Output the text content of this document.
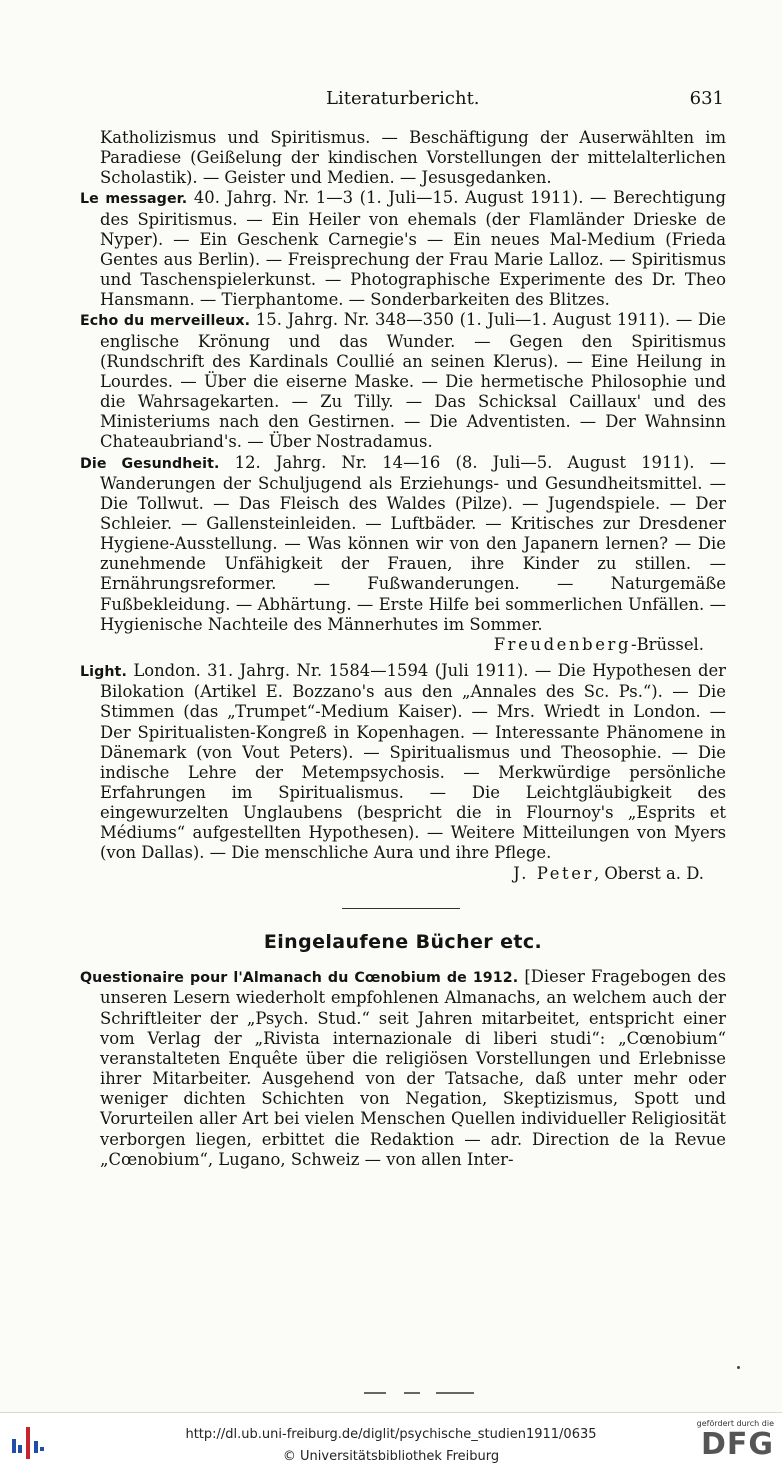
Literaturbericht.	631

Katholizismus und Spiritismus. — Beschäftigung der Auserwählten im Paradiese (Geißelung der kindischen Vorstellungen der mittelalterlichen Scholastik). — Geister und Medien. — Jesusgedanken.

Le messager. 40. Jahrg. Nr. 1—3 (1. Juli—15. August 1911). — Berechtigung des Spiritismus. — Ein Heiler von ehemals (der Flamländer Drieske de Nyper). — Ein Geschenk Carnegie's — Ein neues Mal-Medium (Frieda Gentes aus Berlin). — Freisprechung der Frau Marie Lalloz. — Spiritismus und Taschenspielerkunst. — Photographische Experimente des Dr. Theo Hansmann. — Tierphantome. — Sonderbarkeiten des Blitzes.

Echo du merveilleux. 15. Jahrg. Nr. 348—350 (1. Juli—1. August 1911). — Die englische Krönung und das Wunder. — Gegen den Spiritismus (Rundschrift des Kardinals Coullié an seinen Klerus). — Eine Heilung in Lourdes. — Über die eiserne Maske. — Die hermetische Philosophie und die Wahrsagekarten. — Zu Tilly. — Das Schicksal Caillaux' und des Ministeriums nach den Gestirnen. — Die Adventisten. — Der Wahnsinn Chateaubriand's. — Über Nostradamus.

Die Gesundheit. 12. Jahrg. Nr. 14—16 (8. Juli—5. August 1911). — Wanderungen der Schuljugend als Erziehungs- und Gesundheitsmittel. — Die Tollwut. — Das Fleisch des Waldes (Pilze). — Jugendspiele. — Der Schleier. — Gallensteinleiden. — Luftbäder. — Kritisches zur Dresdener Hygiene-Ausstellung. — Was können wir von den Japanern lernen? — Die zunehmende Unfähigkeit der Frauen, ihre Kinder zu stillen. — Ernährungsreformer. — Fußwanderungen. — Naturgemäße Fußbekleidung. — Abhärtung. — Erste Hilfe bei sommerlichen Unfällen. — Hygienische Nachteile des Männerhutes im Sommer.

Freudenberg-Brüssel.

Light. London. 31. Jahrg. Nr. 1584—1594 (Juli 1911). — Die Hypothesen der Bilokation (Artikel E. Bozzano's aus den „Annales des Sc. Ps.“). — Die Stimmen (das „Trumpet“-Medium Kaiser). — Mrs. Wriedt in London. — Der Spiritualisten-Kongreß in Kopenhagen. — Interessante Phänomene in Dänemark (von Vout Peters). — Spiritualismus und Theosophie. — Die indische Lehre der Metempsychosis. — Merkwürdige persönliche Erfahrungen im Spiritualismus. — Die Leichtgläubigkeit des eingewurzelten Unglaubens (bespricht die in Flournoy's „Esprits et Médiums“ aufgestellten Hypothesen). — Weitere Mitteilungen von Myers (von Dallas). — Die menschliche Aura und ihre Pflege.

J. Peter, Oberst a. D.
Eingelaufene Bücher etc.

Questionaire pour l'Almanach du Cœnobium de 1912. [Dieser Fragebogen des unseren Lesern wiederholt empfohlenen Almanachs, an welchem auch der Schriftleiter der „Psych. Stud.“ seit Jahren mitarbeitet, entspricht einer vom Verlag der „Rivista internazionale di liberi studi“: „Cœnobium“ veranstalteten Enquête über die religiösen Vorstellungen und Erlebnisse ihrer Mitarbeiter. Ausgehend von der Tatsache, daß unter mehr oder weniger dichten Schichten von Negation, Skeptizismus, Spott und Vorurteilen aller Art bei vielen Menschen Quellen individueller Religiosität verborgen liegen, erbittet die Redaktion — adr. Direction de la Revue „Cœnobium“, Lugano, Schweiz — von allen Inter-

http://dl.ub.uni-freiburg.de/diglit/psychische_studien1911/0635
© Universitätsbibliothek Freiburg
gefördert durch die
DFG
